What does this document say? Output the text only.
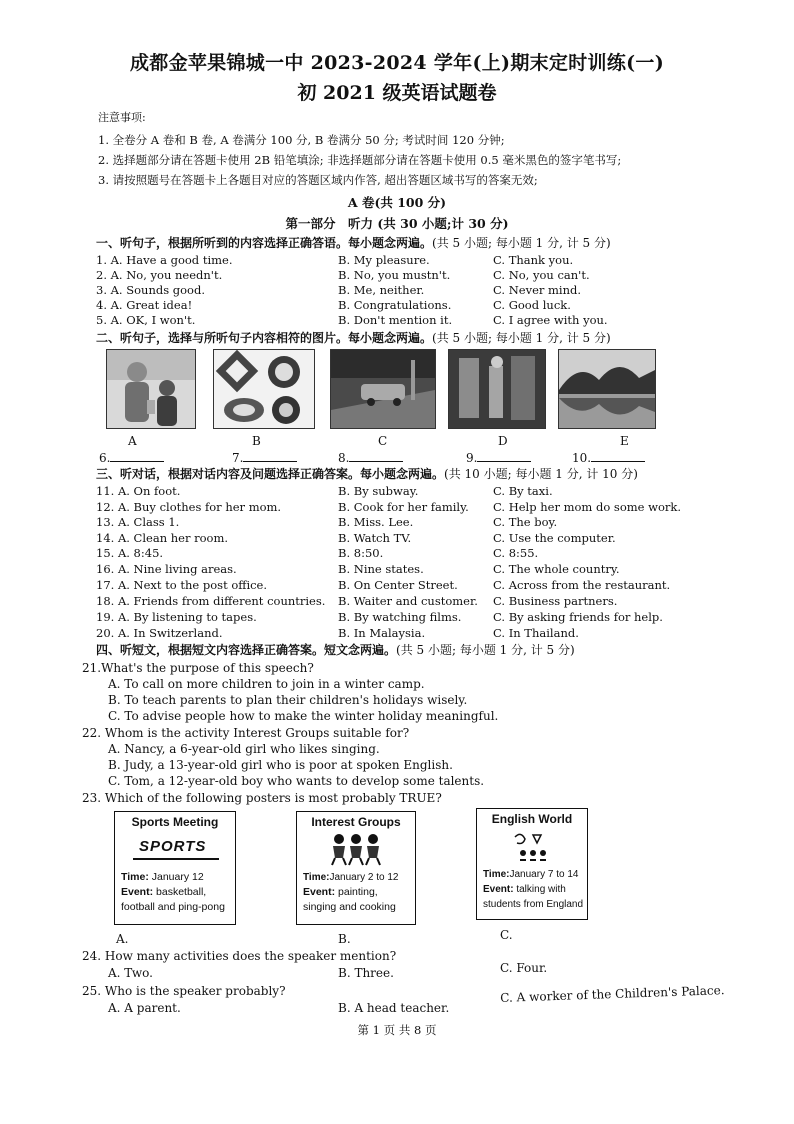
成都金苹果锦城一中 2023-2024 学年(上)期末定时训练(一)
初 2021 级英语试题卷
注意事项:
1. 全卷分 A 卷和 B 卷, A 卷满分 100 分, B 卷满分 50 分; 考试时间 120 分钟;
2. 选择题部分请在答题卡使用 2B 铅笔填涂; 非选择题部分请在答题卡使用 0.5 毫米黑色的签字笔书写;
3. 请按照题号在答题卡上各题目对应的答题区域内作答, 超出答题区域书写的答案无效;
A 卷(共 100 分)
第一部分　听力 (共 30 小题;计 30 分)
一、听句子，根据所听到的内容选择正确答语。每小题念两遍。(共 5 小题; 每小题 1 分, 计 5 分)
1. A. Have a good time.	B. My pleasure.	C. Thank you.
2. A. No, you needn't.	B. No, you mustn't.	C. No, you can't.
3. A. Sounds good.	B. Me, neither.	C. Never mind.
4. A. Great idea!	B. Congratulations.	C. Good luck.
5. A. OK, I won't.	B. Don't mention it.	C. I agree with you.
二、听句子，选择与所听句子内容相符的图片。每小题念两遍。(共 5 小题; 每小题 1 分, 计 5 分)
A	B	C	D	E
6.	7.	8.	9.	10.
三、听对话，根据对话内容及问题选择正确答案。每小题念两遍。(共 10 小题; 每小题 1 分, 计 10 分)
11. A. On foot.	B. By subway.	C. By taxi.
12. A. Buy clothes for her mom.	B. Cook for her family. C. Help her mom do some work.
13. A. Class 1.	B. Miss. Lee.	C. The boy.
14. A. Clean her room.	B. Watch TV.	C. Use the computer.
15. A. 8:45.	B. 8:50.	C. 8:55.
16. A. Nine living areas.	B. Nine states.	C. The whole country.
17. A. Next to the post office.	B. On Center Street.	C. Across from the restaurant.
18. A. Friends from different countries. B. Waiter and customer. C. Business partners.
19. A. By listening to tapes.	B. By watching films.	C. By asking friends for help.
20. A. In Switzerland.	B. In Malaysia.	C. In Thailand.
四、听短文，根据短文内容选择正确答案。短文念两遍。(共 5 小题; 每小题 1 分, 计 5 分)
21.What's the purpose of this speech?
A. To call on more children to join in a winter camp.
B. To teach parents to plan their children's holidays wisely.
C. To advise people how to make the winter holiday meaningful.
22. Whom is the activity Interest Groups suitable for?
A. Nancy, a 6-year-old girl who likes singing.
B. Judy, a 13-year-old girl who is poor at spoken English.
C. Tom, a 12-year-old boy who wants to develop some talents.
23. Which of the following posters is most probably TRUE?
Sports Meeting
SPORTS
Time: January 12
Event: basketball,
football and ping-pong
A.
Interest Groups
Time:January 2 to 12
Event: painting,
singing and cooking
B.
English World
Time:January 7 to 14
Event: talking with
students from England
C.
24. How many activities does the speaker mention?
A. Two.	B. Three.	C. Four.
25. Who is the speaker probably?
A. A parent.	B. A head teacher.
C. A worker of the Children's Palace.
第 1 页 共 8 页
